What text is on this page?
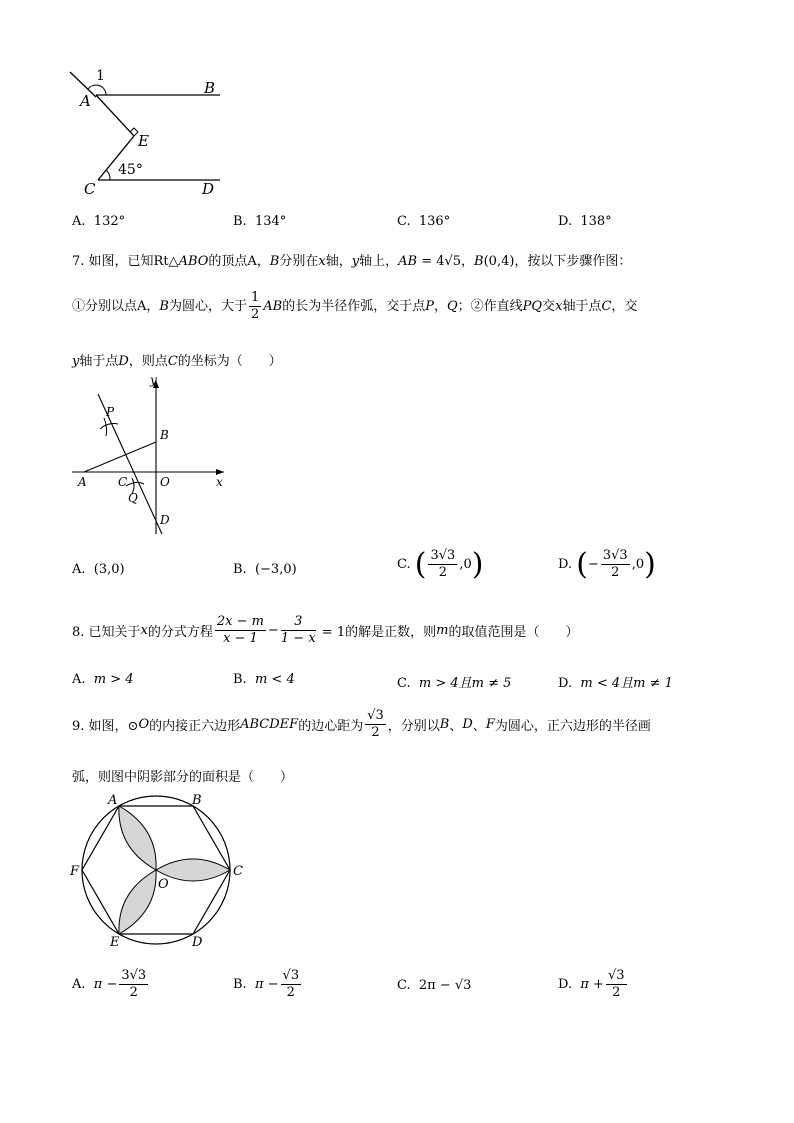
1
A
B
E
45°
C	D
A. 132°	B. 134°	C. 136°	D. 138°
7. 如图，已知Rt△ABO的顶点A，B分别在x轴，y轴上，AB = 4√5，B(0,4)，按以下步骤作图：
①分别以点A，B为圆心，大于 $\frac{1}{2}$ AB的长为半径作弧，交于点P，Q；②作直线PQ交x轴于点C，交
y轴于点D，则点C的坐标为（　　）
y
x
P
B
A	C	O
Q
D
A. (3,0)	B. (−3,0)	C. ( $\frac{3√3}{2} ,0$)	D. (− $\frac{3√3}{2} ,0$)
8. 已知关于x的分式方程 $\frac{2x - m}{x - 1} - \frac{3}{1 - x} = 1$的解是正数，则m的取值范围是（　　）
A. m > 4	B. m < 4	C. m > 4且m ≠ 5	D. m < 4且m ≠ 1
9. 如图，⊙O的内接正六边形ABCDEF的边心距为 $\frac{√3}{2}$ ，分别以B、D、F为圆心，正六边形的半径画
弧，则图中阴影部分的面积是（　　）
A	B
C
D
E
F
O
A. $\pi - \frac{3√3}{2}$	B. $\pi - \frac{√3}{2}$	C. 2π − √3	D. $\pi + \frac{√3}{2}$
